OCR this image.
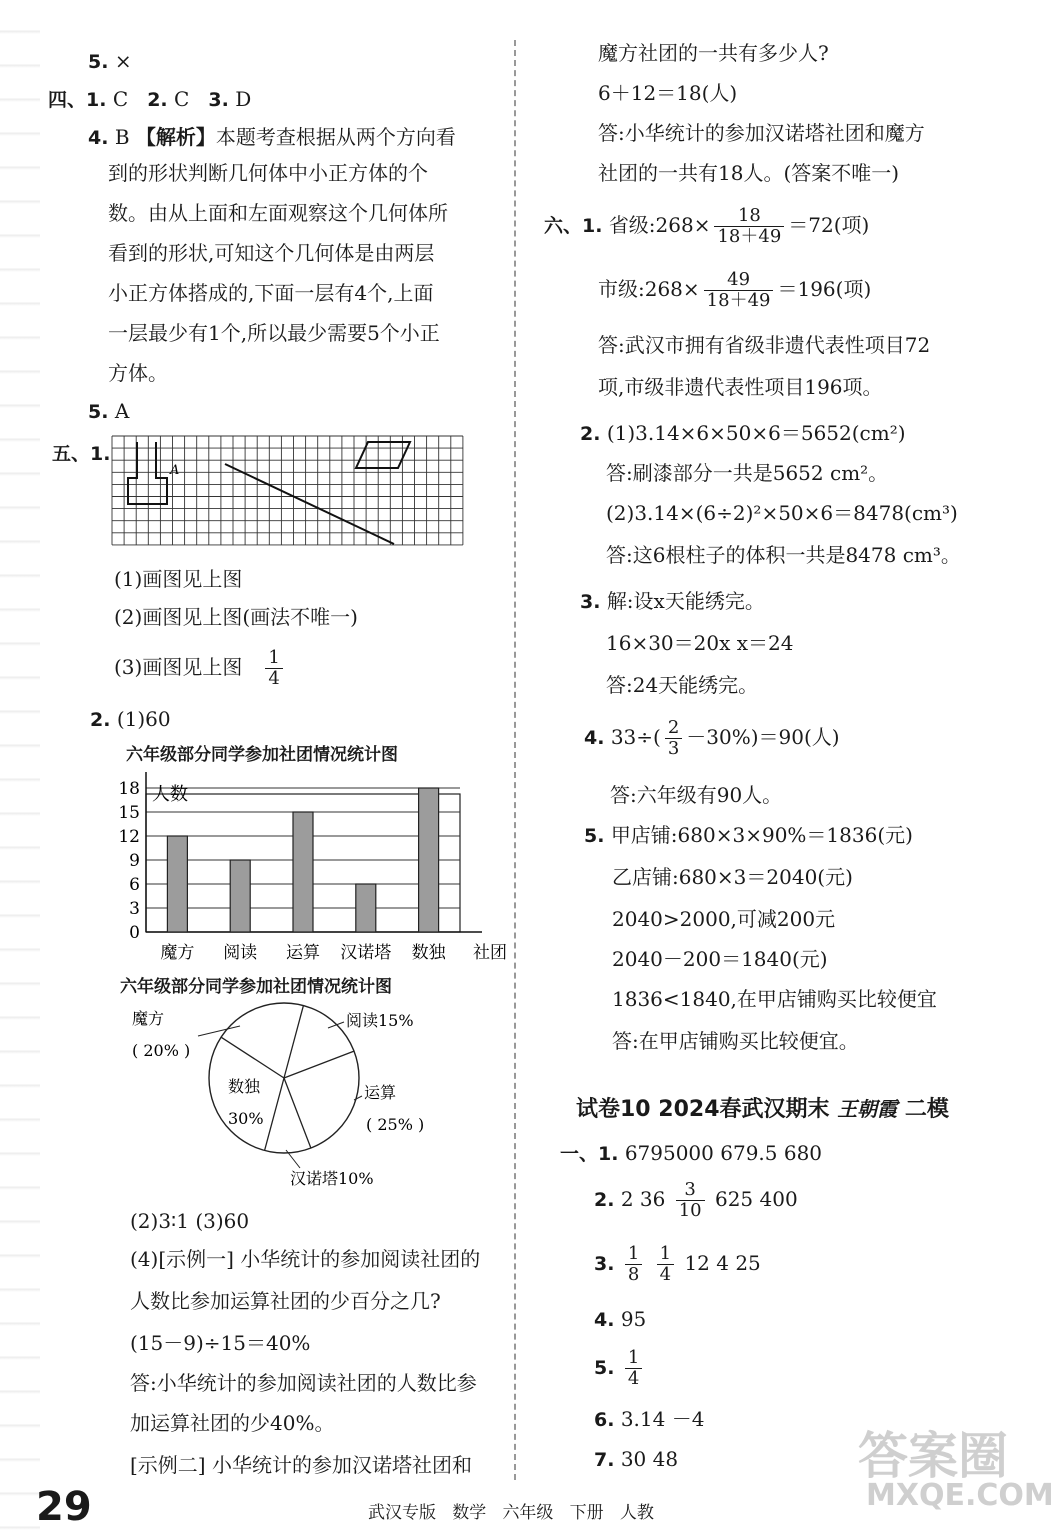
5. ×
四、1. C 2. C 3. D
4. B 【解析】本题考查根据从两个方向看
到的形状判断几何体中小正方体的个
数。由从上面和左面观察这个几何体所
看到的形状,可知这个几何体是由两层
小正方体搭成的,下面一层有4个,上面
一层最少有1个,所以最少需要5个小正
方体。
5. A
五、1.
A
(1)画图见上图
(2)画图见上图(画法不唯一)
(3)画图见上图 $\frac{1}{4}$
2. (1)60
六年级部分同学参加社团情况统计图
0
3
6
9
12
15
18 人数
魔方 阅读 运算 汉诺塔 数独 社团
六年级部分同学参加社团情况统计图
魔方
( 20% )
阅读15%
运算
( 25% )
汉诺塔10%
数独
30%
(2)3∶1 (3)60
(4)[示例一] 小华统计的参加阅读社团的
人数比参加运算社团的少百分之几?
(15－9)÷15＝40%
答:小华统计的参加阅读社团的人数比参
加运算社团的少40%。
[示例二] 小华统计的参加汉诺塔社团和
魔方社团的一共有多少人?
6＋12＝18(人)
答:小华统计的参加汉诺塔社团和魔方
社团的一共有18人。(答案不唯一)
六、1. 省级:268× $\frac{18}{18+49} =72$(项)
市级:268× $\frac{49}{18+49} =196$(项)
答:武汉市拥有省级非遗代表性项目72
项,市级非遗代表性项目196项。
2. (1)3.14×6×50×6＝5652(cm²)
答:刷漆部分一共是5652 cm²。
(2)3.14×(6÷2)²×50×6＝8478(cm³)
答:这6根柱子的体积一共是8478 cm³。
3. 解:设x天能绣完。
16×30＝20x x＝24
答:24天能绣完。
4. $33\div( \frac{2}{3} -30\%)=90$(人)
答:六年级有90人。
5. 甲店铺:680×3×90%＝1836(元)
乙店铺:680×3＝2040(元)
2040>2000,可减200元
2040－200＝1840(元)
1836<1840,在甲店铺购买比较便宜
答:在甲店铺购买比较便宜。
试卷10 2024春武汉期末 王朝霞 二模
一、1. 6795000 679.5 680
2. 2 $36 \frac{3}{10} 625$ 400
3. $\frac{1}{8}$
$\frac{1}{4} 12$ 4 25
4. 95
5. $\frac{1}{4}$
6. 3.14 －4
7. 30 48	答案圈
MXQE.COM
29	武汉专版 数学 六年级 下册 人教
